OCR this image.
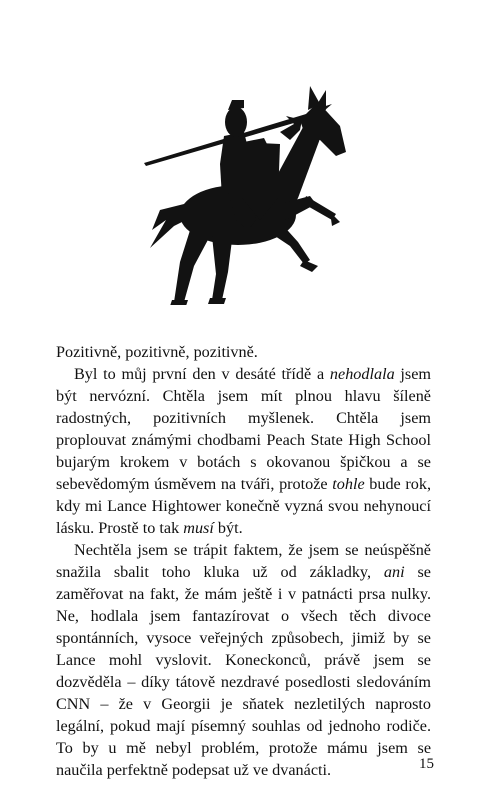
1

Pozitivně, pozitivně, pozitivně.

Byl to můj první den v desáté třídě a nehodlala jsem být nervózní. Chtěla jsem mít plnou hlavu šíleně radostných, pozitivních myšlenek. Chtěla jsem proplouvat známými chodbami Peach State High School bujarým krokem v botách s okovanou špičkou a se sebevědomým úsměvem na tváři, protože tohle bude rok, kdy mi Lance Hightower konečně vyzná svou nehynoucí lásku. Prostě to tak musí být.

Nechtěla jsem se trápit faktem, že jsem se neúspěšně snažila sbalit toho kluka už od základky, ani se zaměřovat na fakt, že mám ještě i v patnácti prsa nulky. Ne, hodlala jsem fantazírovat o všech těch divoce spontánních, vysoce veřejných způsobech, jimiž by se Lance mohl vyslovit. Koneckonců, právě jsem se dozvěděla – díky tátově nezdravé posedlosti sledováním CNN – že v Georgii je sňatek nezletilých naprosto legální, pokud mají písemný souhlas od jednoho rodiče. To by u mě nebyl problém, protože mámu jsem se naučila perfektně podepsat už ve dvanácti.	15
